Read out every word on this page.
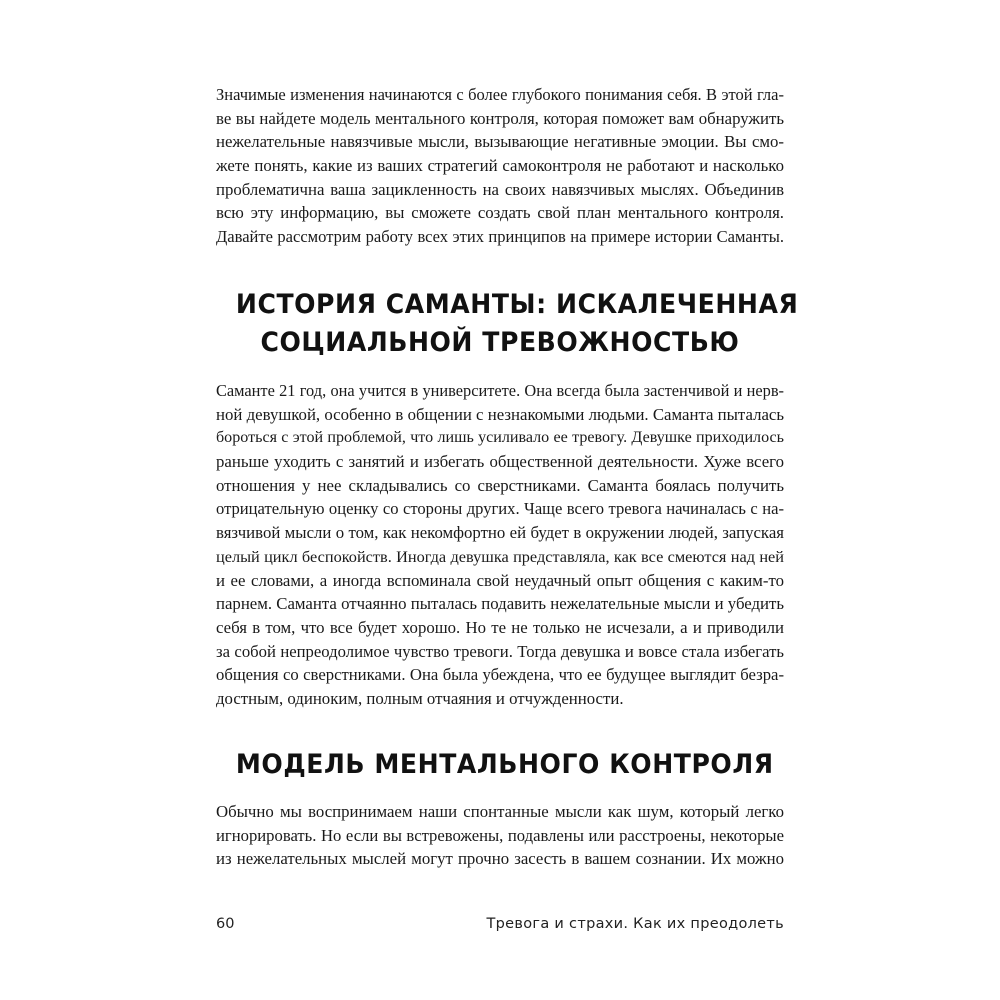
Значимые изменения начинаются с более глубокого понимания себя. В этой гла-
ве вы найдете модель ментального контроля, которая поможет вам обнаружить
нежелательные навязчивые мысли, вызывающие негативные эмоции. Вы смо-
жете понять, какие из ваших стратегий самоконтроля не работают и насколько
проблематична ваша зацикленность на своих навязчивых мыслях. Объединив
всю эту информацию, вы сможете создать свой план ментального контроля.
Давайте рассмотрим работу всех этих принципов на примере истории Саманты.
ИСТОРИЯ САМАНТЫ: ИСКАЛЕЧЕННАЯ
СОЦИАЛЬНОЙ ТРЕВОЖНОСТЬЮ
Саманте 21 год, она учится в университете. Она всегда была застенчивой и нерв-
ной девушкой, особенно в общении с незнакомыми людьми. Саманта пыталась
бороться с этой проблемой, что лишь усиливало ее тревогу. Девушке приходилось
раньше уходить с занятий и избегать общественной деятельности. Хуже всего
отношения у нее складывались со сверстниками. Саманта боялась получить
отрицательную оценку со стороны других. Чаще всего тревога начиналась с на-
вязчивой мысли о том, как некомфортно ей будет в окружении людей, запуская
целый цикл беспокойств. Иногда девушка представляла, как все смеются над ней
и ее словами, а иногда вспоминала свой неудачный опыт общения с каким-то
парнем. Саманта отчаянно пыталась подавить нежелательные мысли и убедить
себя в том, что все будет хорошо. Но те не только не исчезали, а и приводили
за собой непреодолимое чувство тревоги. Тогда девушка и вовсе стала избегать
общения со сверстниками. Она была убеждена, что ее будущее выглядит безра-
достным, одиноким, полным отчаяния и отчужденности.
МОДЕЛЬ МЕНТАЛЬНОГО КОНТРОЛЯ
Обычно мы воспринимаем наши спонтанные мысли как шум, который легко
игнорировать. Но если вы встревожены, подавлены или расстроены, некоторые
из нежелательных мыслей могут прочно засесть в вашем сознании. Их можно
60	Тревога и страхи. Как их преодолеть
